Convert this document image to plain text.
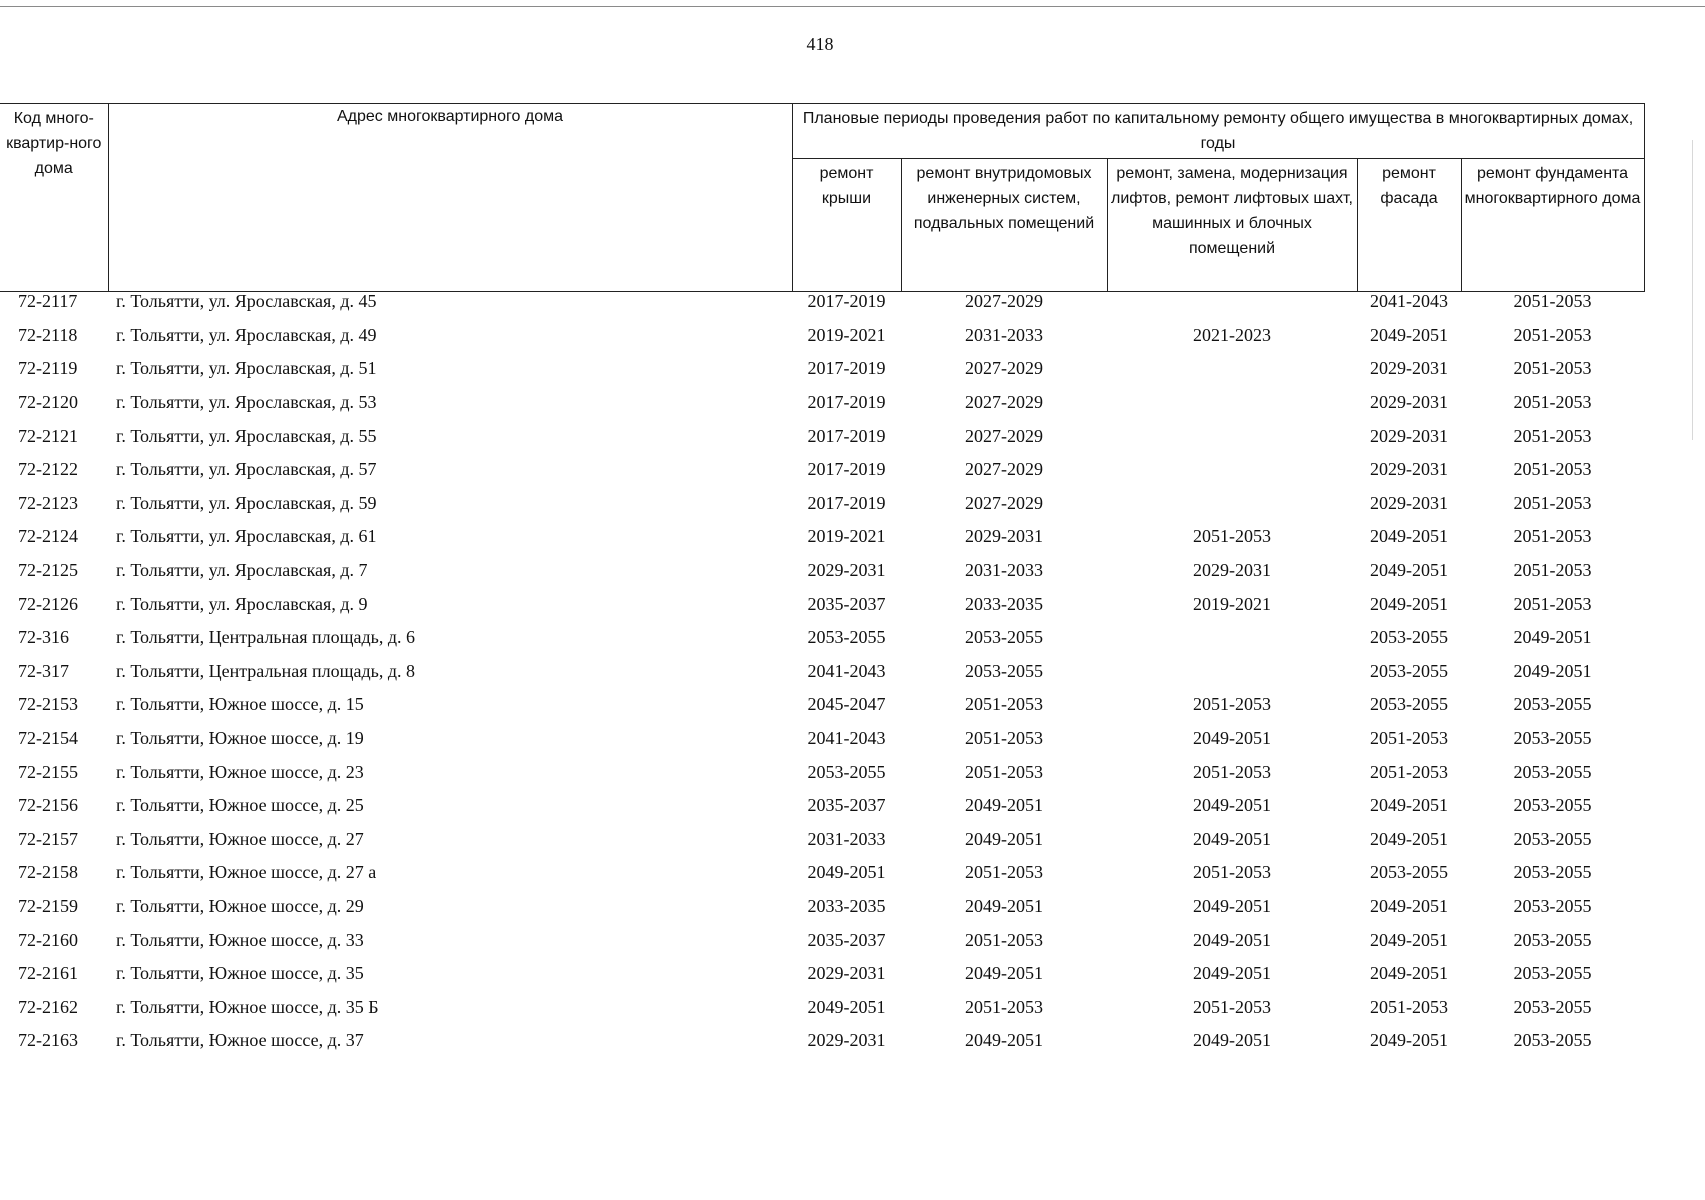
418
Код много-квартир-ного дома	Адрес многоквартирного дома	Плановые периоды проведения работ по капитальному ремонту общего имущества в многоквартирных домах, годы				
		ремонт крыши	ремонт внутридомовых инженерных систем, подвальных помещений	ремонт, замена, модернизация лифтов, ремонт лифтовых шахт, машинных и блочных помещений	ремонт фасада	ремонт фундамента многоквартирного дома
72-2117	г. Тольятти, ул. Ярославская, д. 45	2017-2019	2027-2029		2041-2043	2051-2053
72-2118	г. Тольятти, ул. Ярославская, д. 49	2019-2021	2031-2033	2021-2023	2049-2051	2051-2053
72-2119	г. Тольятти, ул. Ярославская, д. 51	2017-2019	2027-2029		2029-2031	2051-2053
72-2120	г. Тольятти, ул. Ярославская, д. 53	2017-2019	2027-2029		2029-2031	2051-2053
72-2121	г. Тольятти, ул. Ярославская, д. 55	2017-2019	2027-2029		2029-2031	2051-2053
72-2122	г. Тольятти, ул. Ярославская, д. 57	2017-2019	2027-2029		2029-2031	2051-2053
72-2123	г. Тольятти, ул. Ярославская, д. 59	2017-2019	2027-2029		2029-2031	2051-2053
72-2124	г. Тольятти, ул. Ярославская, д. 61	2019-2021	2029-2031	2051-2053	2049-2051	2051-2053
72-2125	г. Тольятти, ул. Ярославская, д. 7	2029-2031	2031-2033	2029-2031	2049-2051	2051-2053
72-2126	г. Тольятти, ул. Ярославская, д. 9	2035-2037	2033-2035	2019-2021	2049-2051	2051-2053
72-316	г. Тольятти, Центральная площадь, д. 6	2053-2055	2053-2055		2053-2055	2049-2051
72-317	г. Тольятти, Центральная площадь, д. 8	2041-2043	2053-2055		2053-2055	2049-2051
72-2153	г. Тольятти, Южное шоссе, д. 15	2045-2047	2051-2053	2051-2053	2053-2055	2053-2055
72-2154	г. Тольятти, Южное шоссе, д. 19	2041-2043	2051-2053	2049-2051	2051-2053	2053-2055
72-2155	г. Тольятти, Южное шоссе, д. 23	2053-2055	2051-2053	2051-2053	2051-2053	2053-2055
72-2156	г. Тольятти, Южное шоссе, д. 25	2035-2037	2049-2051	2049-2051	2049-2051	2053-2055
72-2157	г. Тольятти, Южное шоссе, д. 27	2031-2033	2049-2051	2049-2051	2049-2051	2053-2055
72-2158	г. Тольятти, Южное шоссе, д. 27 а	2049-2051	2051-2053	2051-2053	2053-2055	2053-2055
72-2159	г. Тольятти, Южное шоссе, д. 29	2033-2035	2049-2051	2049-2051	2049-2051	2053-2055
72-2160	г. Тольятти, Южное шоссе, д. 33	2035-2037	2051-2053	2049-2051	2049-2051	2053-2055
72-2161	г. Тольятти, Южное шоссе, д. 35	2029-2031	2049-2051	2049-2051	2049-2051	2053-2055
72-2162	г. Тольятти, Южное шоссе, д. 35 Б	2049-2051	2051-2053	2051-2053	2051-2053	2053-2055
72-2163	г. Тольятти, Южное шоссе, д. 37	2029-2031	2049-2051	2049-2051	2049-2051	2053-2055
